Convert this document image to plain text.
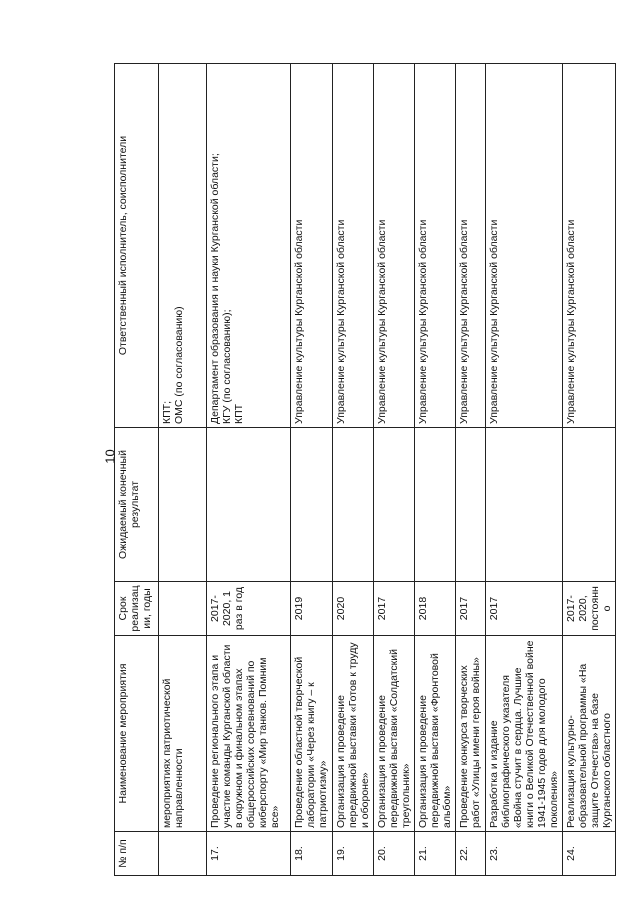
10
№ п/п	Наименование мероприятия	Срок реализации, годы	Ожидаемый конечный результат	Ответственный исполнитель, соисполнители
	мероприятиях патриотической направленности			КПТ; ОМС (по согласованию)

17.	Проведение регионального этапа и участие команды Курганской области в окружном и финальном этапах общероссийских соревнований по киберспорту «Мир танков. Помним все»	2017-2020, 1 раз в год		Департамент образования и науки Курганской области; КГУ (по согласованию); КПТ

18.	Проведение областной творческой лаборатории «Через книгу – к патриотизму»	2019		Управление культуры Курганской области

19.	Организация и проведение передвижной выставки «Готов к труду и обороне»	2020		Управление культуры Курганской области

20.	Организация и проведение передвижной выставки «Солдатский треугольник»	2017		Управление культуры Курганской области

21.	Организация и проведение передвижной выставки «Фронтовой альбом»	2018		Управление культуры Курганской области

22.	Проведение конкурса творческих работ «Улицы имени героя войны»	2017		Управление культуры Курганской области

23.	Разработка и издание библиографического указателя «Война стучит в сердца. Лучшие книги о Великой Отечественной войне 1941-1945 годов для молодого поколения»	2017		Управление культуры Курганской области

24.	Реализация культурно-образовательной программы «На защите Отечества» на базе Курганского областного	2017-2020, постоянно		Управление культуры Курганской области
